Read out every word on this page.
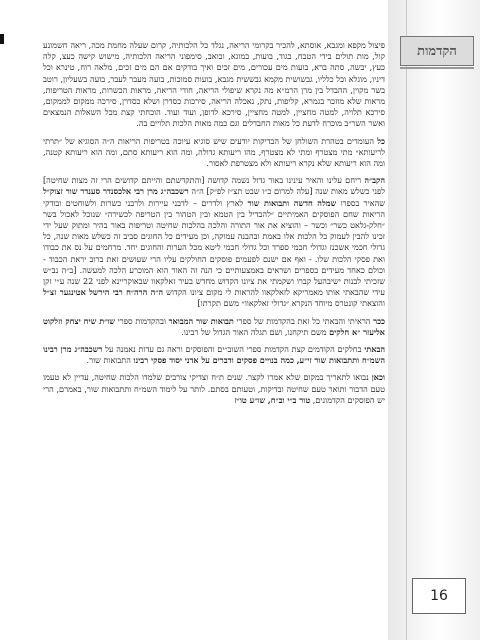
הקדמות

פיצול מקפא ומגבא, אוסתא, להכיר בקרומי הריאה, נגלד כל הלכותיה, קרום שעלה מחמת מכה, ריאה חשמונע קול, מות תולים בידי הטבח, בגוד, בועות, במוגא, ובואב, סימפוני הריאה הלכותיה, מישוש קישה כעצ, קלה כעץ, יבשה, סתה ברא, בועות מים עכורים, מים זכים ואיך בודקים אם הם מים זכים, מלאה רוח, טינרא וכל דיניו, מוגלא וכל כלליו, גבשושית מקמא גבששית מגבא, בועות סמוכות, בועה מעבר לעבר, בועה בשעליון, רוטב בשר מקוין, ההבדל בין מרן הרמ״א מה נקרא שיפולי הריאה, חודי הריאה, מראות הכשרות, מראות הטריפות, מראות שלא מוזכר בגמרא, קליפות, נתק, נאכלה הריאה, סירכות כסדרן ושלא כסדרן, סירכה ממקום לממקום, סירכא תלויה, למטה מחציין, למטה מחציין, סירכא לדופן, ועוד ועוד. הוכחתי קצת מכל השאלות הנמצאים ואשר השר״ב מוכרח לדעת כל מאות החבדלים וגם כמה מאות הלכות תלויים בה.

כל העומדים בטהרת השולחן של הבדיקות יודעים שיש סוגיא עיוכה בטריפות הריאות ה״ה הסוגיא של ״תרתי לריעותא״ מתי מצטרף ומתי לא מצטרף, מהו ריעותא גדולה, ומה הוא ריעותא סתם, ומה הוא ריעותא קטנה, ומה הוא ריעותא שלא נקרא ריעותא ולא מצטרפת לאסור.

הקב״ה ריחם עלינו והאיר עינינו באור גדול נשמה קדושה [והתקדשתם והייתם קדושים הרי זה מצות שחיטה] לפני כשלש מאות שנה [עלה למרום כ״ו שבט תצ״ז לפ״ק] ה״ה רשכבה״ג מרן רבי אלכסנדר סענדר שור זצוק״ל שהאיר בספרו שמלה חדשה ותבואות שור לארץ ולדרים – לדבני עיירות ולרבני כשרות ולשוחטים ובודקי הריאות שחם הפוסקים האמיתיים ״להבדיל בין הטמא ובין הטהור בין הטריפה לכשירה״ שנוכל לאכול בשר ״חלק-גלאט כשר״ וכשר – והוציא את אור התורה והלכה בהלכות שחיטה וטריפות באור בהיר ומתוק שעל ידי זכינו להבין לעמוק כל הלכות אלו באמת ובהבנה עמוקה, וכן מעידים כל החוגים סביב זה כשלש מאות שנה, כל גדולי חכמי אשכנז וגדולי חכמי ספרד וכל גדולי חכמי ליטא מכל הערות והחוגים יחד. מרחמים על נס את כבודו ואת פסקי הלכות שלו. - ואף אם ישנם לפעמים פוסקים החולקים עליו הרי שעושים זאת ברוב יראת הכבוד - וכולם כאחד מעידים בספרים ושראים באמצעותיים כי הנה זה האור הוא המוכרע הלכה למעשה. [ב״ה נב״ש שזכיתי לבנות ישיבהעל קברו ושקמתי את ציונו הקדוש מחדש בעיר זאלקאוו שבאוקריינא לפני 22 שנה ע״י זקן עידי שהבאתי אותו מאמריקא לזאלקאוו להראות לי מקום ציונו הקדוש ה״ה הרה״ח רבי הירשל אטינגער זצ״ל והוצאתי קונטרס מיוחד הנקרא ״גדולי זאלקאוו״ משם תקרתו]

ככר הראיתי והבאתי כל זאת בהקדמות של ספרי תבואות שור המבואר ובהקדמות ספרי שו״ת שיח יצחק וזלקוט אליעזר ״א חלקים משם תיקחנו, ושם תגלה האור הגדול של רבינו.

הבאתי בחלקים הקודמים קצת הקדמות ספרי השוב״ים והפוסקים וראה גם עדות נאמנה על רשכבה״ג מרן רבינו השמ״ח ותתבואות שור זי״ע, כמה בנויים פסקים ודברים על אדני יסוד פסקי רבינו התבואות שור.

וכאן נבואו לתאריך במקום שלא אמרו לקצר. שנים ת״ח וצדיקי צורבים שלמדו הלכות שחיטה, עדיין לא טעמו טעם הדבור ותואר טעם שחיטה ובדיקות, וטעותם בסתם. לותר על לימוד השמ״ח ותתבואות שור, באמרם, הרי יש הפוסקים הקדמונים, טור ב״י וב״ח, שו״ע טו״ז

16
